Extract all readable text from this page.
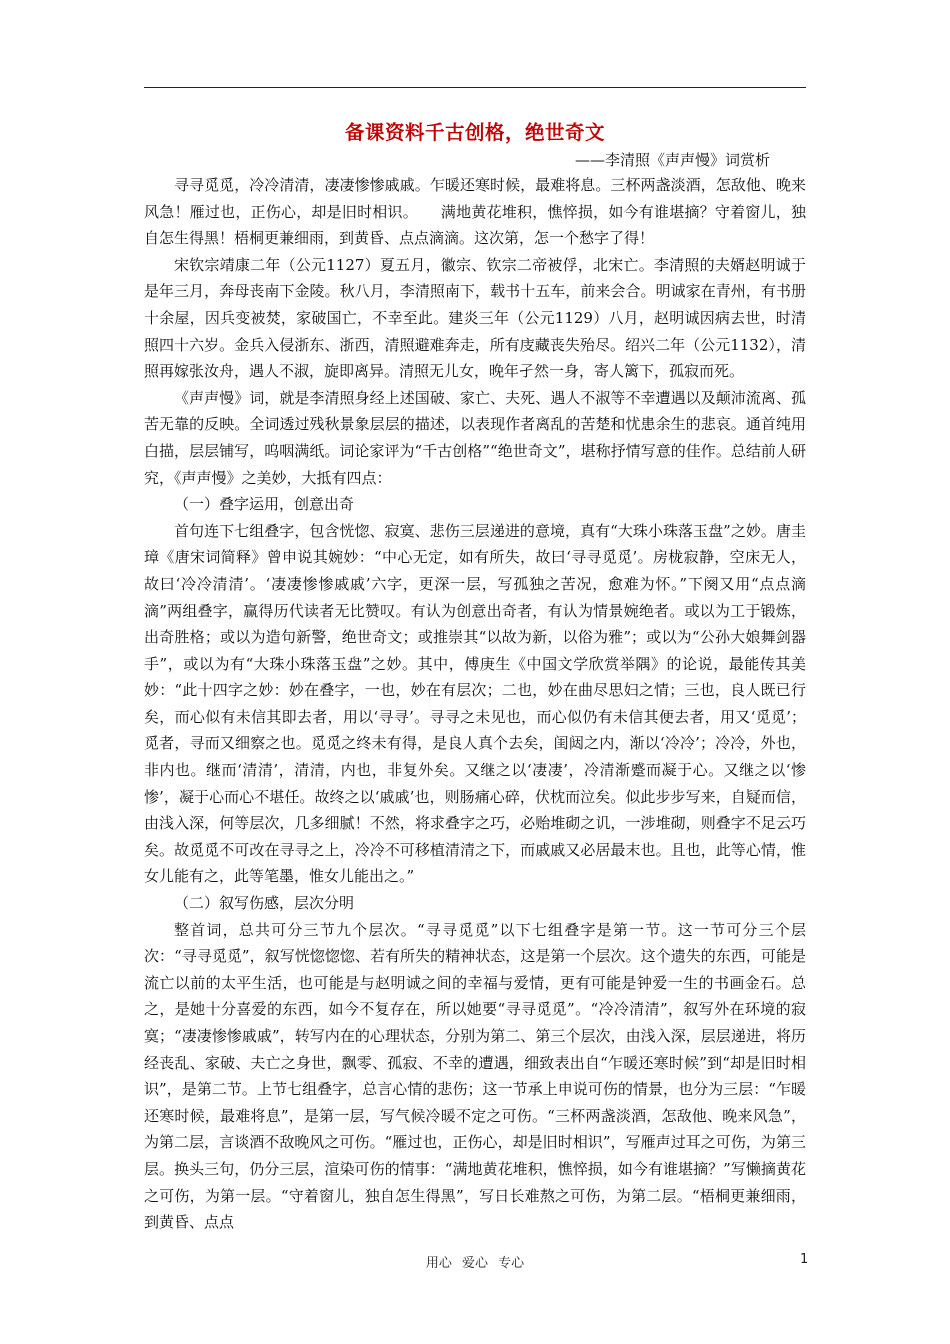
备课资料千古创格，绝世奇文

——李清照《声声慢》词赏析

寻寻觅觅，冷冷清清，凄凄惨惨戚戚。乍暖还寒时候，最难将息。三杯两盏淡酒，怎敌他、晚来风急！雁过也，正伤心，却是旧时相识。　　满地黄花堆积，憔悴损，如今有谁堪摘？守着窗儿，独自怎生得黑！梧桐更兼细雨，到黄昏、点点滴滴。这次第，怎一个愁字了得！

宋钦宗靖康二年（公元1127）夏五月，徽宗、钦宗二帝被俘，北宋亡。李清照的夫婿赵明诚于是年三月，奔母丧南下金陵。秋八月，李清照南下，载书十五车，前来会合。明诚家在青州，有书册十余屋，因兵变被焚，家破国亡，不幸至此。建炎三年（公元1129）八月，赵明诚因病去世，时清照四十六岁。金兵入侵浙东、浙西，清照避难奔走，所有庋藏丧失殆尽。绍兴二年（公元1132），清照再嫁张汝舟，遇人不淑，旋即离异。清照无儿女，晚年孑然一身，寄人篱下，孤寂而死。

《声声慢》词，就是李清照身经上述国破、家亡、夫死、遇人不淑等不幸遭遇以及颠沛流离、孤苦无靠的反映。全词透过残秋景象层层的描述，以表现作者离乱的苦楚和忧患余生的悲哀。通首纯用白描，层层铺写，呜咽满纸。词论家评为“千古创格”“绝世奇文”，堪称抒情写意的佳作。总结前人研究，《声声慢》之美妙，大抵有四点：

（一）叠字运用，创意出奇

首句连下七组叠字，包含恍惚、寂寞、悲伤三层递进的意境，真有“大珠小珠落玉盘”之妙。唐圭璋《唐宋词简释》曾申说其婉妙：“中心无定，如有所失，故曰‘寻寻觅觅’。房栊寂静，空床无人，故曰‘冷冷清清’。‘凄凄惨惨戚戚’六字，更深一层，写孤独之苦况，愈难为怀。”下阕又用“点点滴滴”两组叠字，赢得历代读者无比赞叹。有认为创意出奇者，有认为情景婉绝者。或以为工于锻炼，出奇胜格；或以为造句新警，绝世奇文；或推崇其“以故为新，以俗为雅”；或以为“公孙大娘舞剑器手”，或以为有“大珠小珠落玉盘”之妙。其中，傅庚生《中国文学欣赏举隅》的论说，最能传其美妙：“此十四字之妙：妙在叠字，一也，妙在有层次；二也，妙在曲尽思妇之情；三也，良人既已行矣，而心似有未信其即去者，用以‘寻寻’。寻寻之未见也，而心似仍有未信其便去者，用又‘觅觅’；觅者，寻而又细察之也。觅觅之终未有得，是良人真个去矣，闺闼之内，渐以‘冷冷’；冷冷，外也，非内也。继而‘清清’，清清，内也，非复外矣。又继之以‘凄凄’，冷清渐蹙而凝于心。又继之以‘惨惨’，凝于心而心不堪任。故终之以‘戚戚’也，则肠痛心碎，伏枕而泣矣。似此步步写来，自疑而信，由浅入深，何等层次，几多细腻！不然，将求叠字之巧，必贻堆砌之讥，一涉堆砌，则叠字不足云巧矣。故觅觅不可改在寻寻之上，冷冷不可移植清清之下，而戚戚又必居最末也。且也，此等心情，惟女儿能有之，此等笔墨，惟女儿能出之。”

（二）叙写伤感，层次分明

整首词，总共可分三节九个层次。“寻寻觅觅”以下七组叠字是第一节。这一节可分三个层次：“寻寻觅觅”，叙写恍惚惚惚、若有所失的精神状态，这是第一个层次。这个遗失的东西，可能是流亡以前的太平生活，也可能是与赵明诚之间的幸福与爱情，更有可能是钟爱一生的书画金石。总之，是她十分喜爱的东西，如今不复存在，所以她要“寻寻觅觅”。“冷冷清清”，叙写外在环境的寂寞；“凄凄惨惨戚戚”，转写内在的心理状态，分别为第二、第三个层次，由浅入深，层层递进，将历经丧乱、家破、夫亡之身世，飘零、孤寂、不幸的遭遇，细致表出自“乍暖还寒时候”到“却是旧时相识”，是第二节。上节七组叠字，总言心情的悲伤；这一节承上申说可伤的情景，也分为三层：“乍暖还寒时候，最难将息”，是第一层，写气候冷暖不定之可伤。“三杯两盏淡酒，怎敌他、晚来风急”，为第二层，言谈酒不敌晚风之可伤。“雁过也，正伤心，却是旧时相识”，写雁声过耳之可伤，为第三层。换头三句，仍分三层，渲染可伤的情事：“满地黄花堆积，憔悴损，如今有谁堪摘？”写懒摘黄花之可伤，为第一层。“守着窗儿，独自怎生得黑”，写日长难熬之可伤，为第二层。“梧桐更兼细雨，到黄昏、点点

用心 爱心 专心	1
